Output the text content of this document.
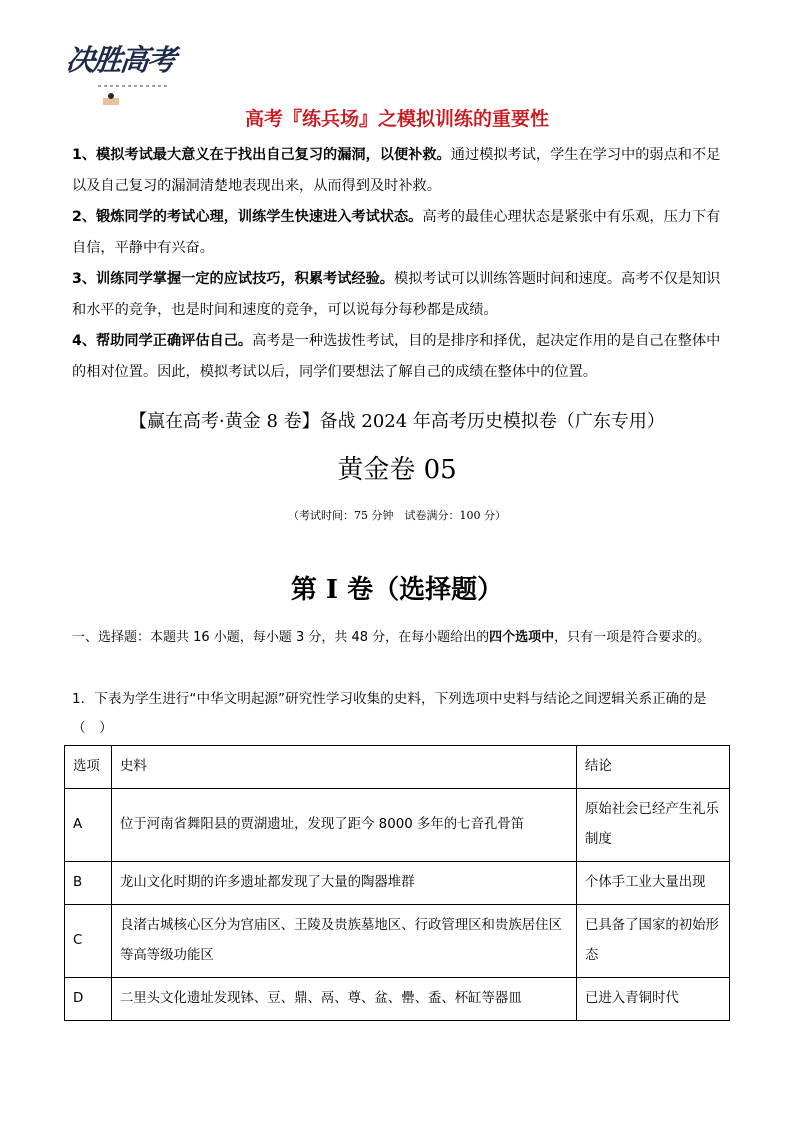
决胜高考
高考『练兵场』之模拟训练的重要性
1、模拟考试最大意义在于找出自己复习的漏洞，以便补救。通过模拟考试，学生在学习中的弱点和不足以及自己复习的漏洞清楚地表现出来，从而得到及时补救。
2、锻炼同学的考试心理，训练学生快速进入考试状态。高考的最佳心理状态是紧张中有乐观，压力下有自信，平静中有兴奋。
3、训练同学掌握一定的应试技巧，积累考试经验。模拟考试可以训练答题时间和速度。高考不仅是知识和水平的竞争，也是时间和速度的竞争，可以说每分每秒都是成绩。
4、帮助同学正确评估自己。高考是一种选拔性考试，目的是排序和择优，起决定作用的是自己在整体中的相对位置。因此，模拟考试以后，同学们要想法了解自己的成绩在整体中的位置。
【赢在高考·黄金 8 卷】备战 2024 年高考历史模拟卷（广东专用）
黄金卷 05
（考试时间：75 分钟　试卷满分：100 分）
第 I 卷（选择题）
一、选择题：本题共 16 小题，每小题 3 分，共 48 分，在每小题给出的四个选项中，只有一项是符合要求的。
1．下表为学生进行“中华文明起源”研究性学习收集的史料，下列选项中史料与结论之间逻辑关系正确的是（　）
选项	史料	结论
A	位于河南省舞阳县的贾湖遗址，发现了距今 8000 多年的七音孔骨笛	原始社会已经产生礼乐制度
B	龙山文化时期的许多遗址都发现了大量的陶器堆群	个体手工业大量出现
C	良渚古城核心区分为宫庙区、王陵及贵族墓地区、行政管理区和贵族居住区等高等级功能区	已具备了国家的初始形态
D	二里头文化遗址发现钵、豆、鼎、鬲、尊、盆、罍、盉、杯缸等器皿	已进入青铜时代
